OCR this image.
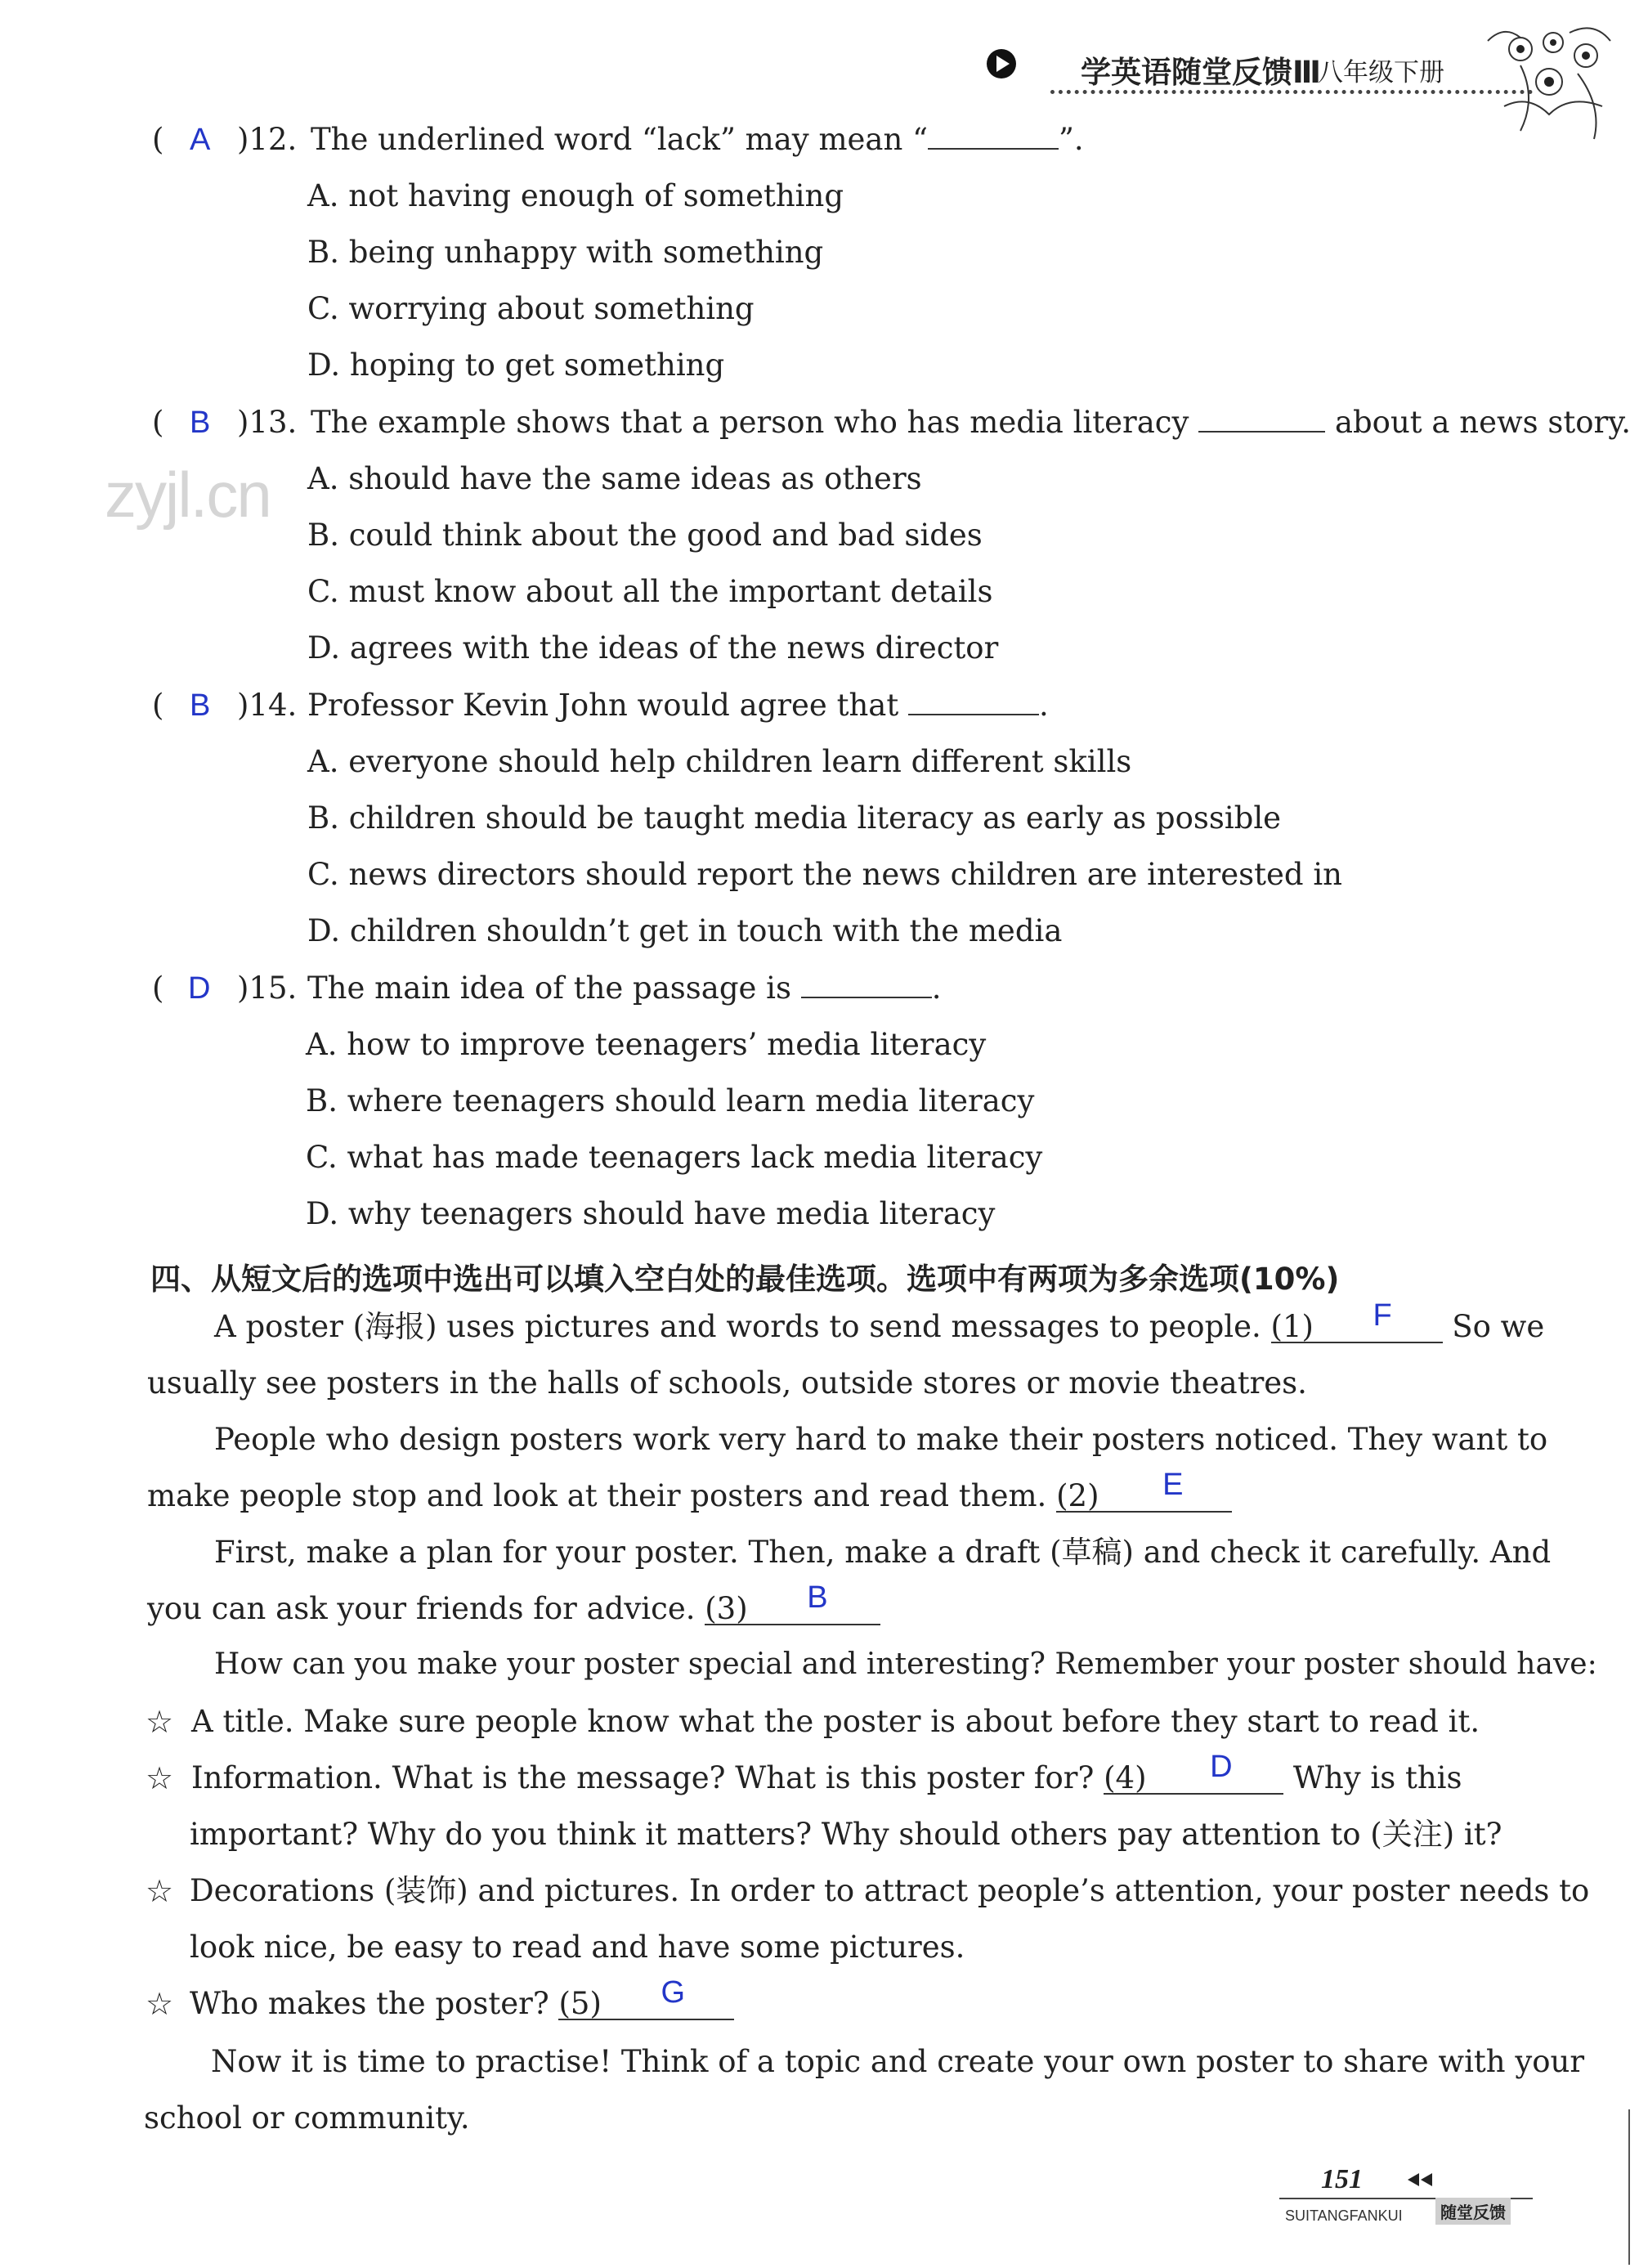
学英语随堂反馈Ⅲ
八年级下册
zyjl.cn
( A )12. The underlined word “lack” may mean “	”.
A. not having enough of something
B. being unhappy with something
C. worrying about something
D. hoping to get something
( B )13. The example shows that a person who has media literacy	about a news story.
A. should have the same ideas as others
B. could think about the good and bad sides
C. must know about all the important details
D. agrees with the ideas of the news director
( B )14. Professor Kevin John would agree that	.
A. everyone should help children learn different skills
B. children should be taught media literacy as early as possible
C. news directors should report the news children are interested in
D. children shouldn’t get in touch with the media
( D )15. The main idea of the passage is	.
A. how to improve teenagers’ media literacy
B. where teenagers should learn media literacy
C. what has made teenagers lack media literacy
D. why teenagers should have media literacy
四、从短文后的选项中选出可以填入空白处的最佳选项。选项中有两项为多余选项(10%)
A poster (海报) uses pictures and words to send messages to people. (1) F So we
usually see posters in the halls of schools, outside stores or movie theatres.
People who design posters work very hard to make their posters noticed. They want to
make people stop and look at their posters and read them. (2) E
First, make a plan for your poster. Then, make a draft (草稿) and check it carefully. And
you can ask your friends for advice. (3) B
How can you make your poster special and interesting? Remember your poster should have:
☆ A title. Make sure people know what the poster is about before they start to read it.
☆ Information. What is the message? What is this poster for? (4) D Why is this
important? Why do you think it matters? Why should others pay attention to (关注) it?
☆ Decorations (装饰) and pictures. In order to attract people’s attention, your poster needs to
look nice, be easy to read and have some pictures.
☆ Who makes the poster? (5) G
Now it is time to practise! Think of a topic and create your own poster to share with your
school or community.
151
SUITANGFANKUI	随堂反馈
